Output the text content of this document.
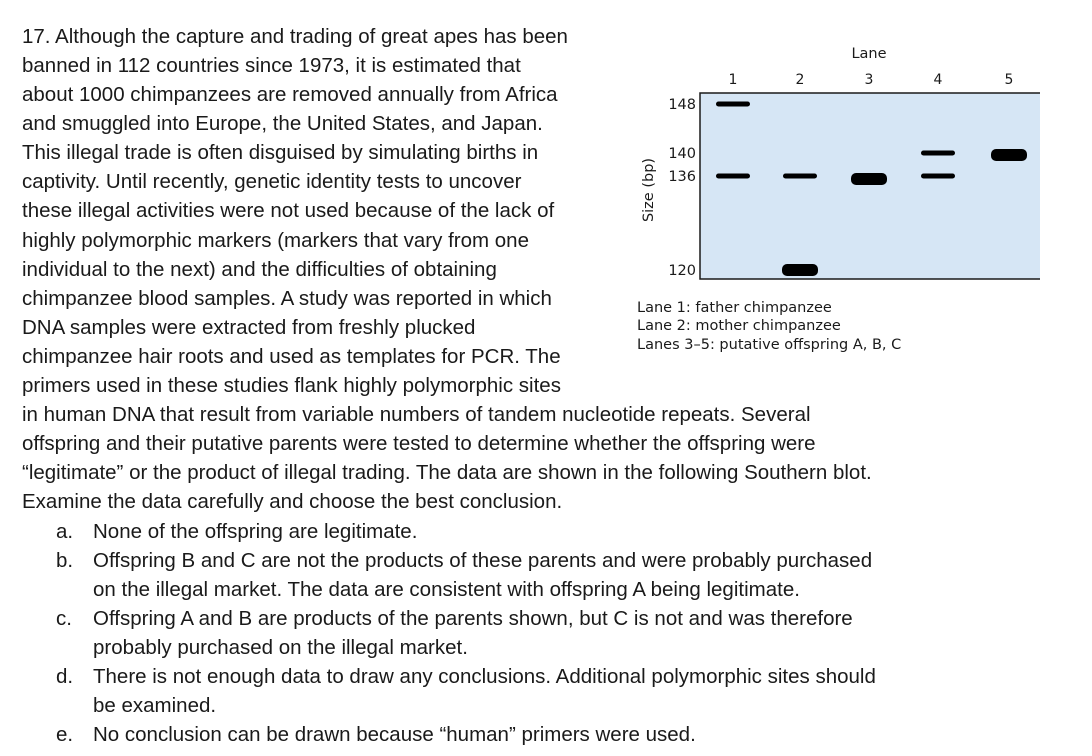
17. Although the capture and trading of great apes has been
banned in 112 countries since 1973, it is estimated that
about 1000 chimpanzees are removed annually from Africa
and smuggled into Europe, the United States, and Japan.
This illegal trade is often disguised by simulating births in
captivity. Until recently, genetic identity tests to uncover
these illegal activities were not used because of the lack of
highly polymorphic markers (markers that vary from one
individual to the next) and the difficulties of obtaining
chimpanzee blood samples. A study was reported in which
DNA samples were extracted from freshly plucked
chimpanzee hair roots and used as templates for PCR. The
primers used in these studies flank highly polymorphic sites
in human DNA that result from variable numbers of tandem nucleotide repeats. Several
offspring and their putative parents were tested to determine whether the offspring were
“legitimate” or the product of illegal trading. The data are shown in the following Southern blot.
Examine the data carefully and choose the best conclusion.
a. None of the offspring are legitimate.
b. Offspring B and C are not the products of these parents and were probably purchased
on the illegal market. The data are consistent with offspring A being legitimate.
c. Offspring A and B are products of the parents shown, but C is not and was therefore
probably purchased on the illegal market.
d. There is not enough data to draw any conclusions. Additional polymorphic sites should
be examined.
e. No conclusion can be drawn because “human” primers were used.
Lane
1	2	3	4	5
148
140
136
120
Size (bp)
Lane 1: father chimpanzee
Lane 2: mother chimpanzee
Lanes 3–5: putative offspring A, B, C
